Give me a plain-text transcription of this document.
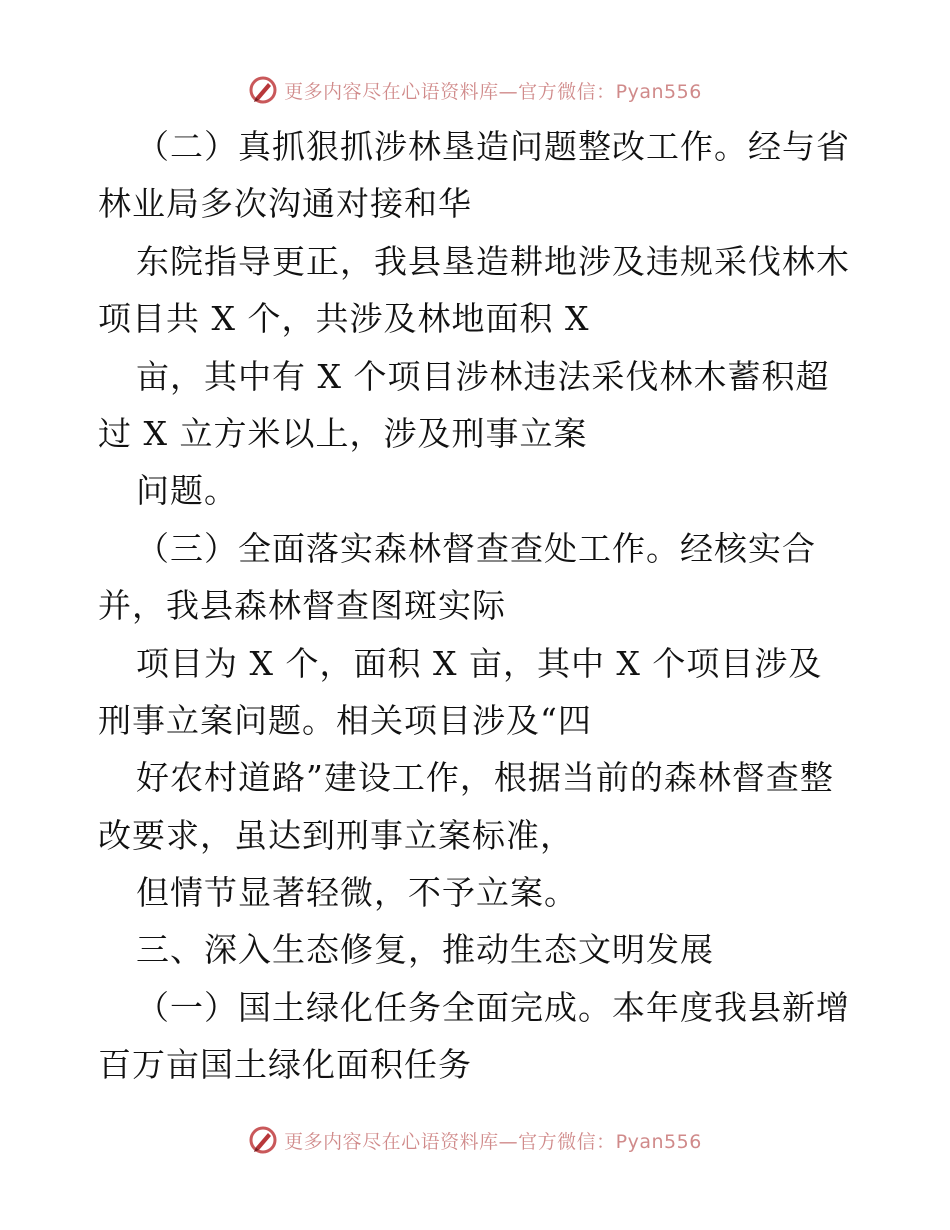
更多内容尽在心语资料库—官方微信：Pyan556
（二）真抓狠抓涉林垦造问题整改工作。经与省
林业局多次沟通对接和华
东院指导更正，我县垦造耕地涉及违规采伐林木
项目共 X 个，共涉及林地面积 X
亩，其中有 X 个项目涉林违法采伐林木蓄积超
过 X 立方米以上，涉及刑事立案
问题。
（三）全面落实森林督查查处工作。经核实合
并，我县森林督查图斑实际
项目为 X 个，面积 X 亩，其中 X 个项目涉及
刑事立案问题。相关项目涉及“四
好农村道路”建设工作，根据当前的森林督查整
改要求，虽达到刑事立案标准，
但情节显著轻微，不予立案。
三、深入生态修复，推动生态文明发展
（一）国土绿化任务全面完成。本年度我县新增
百万亩国土绿化面积任务
更多内容尽在心语资料库—官方微信：Pyan556
